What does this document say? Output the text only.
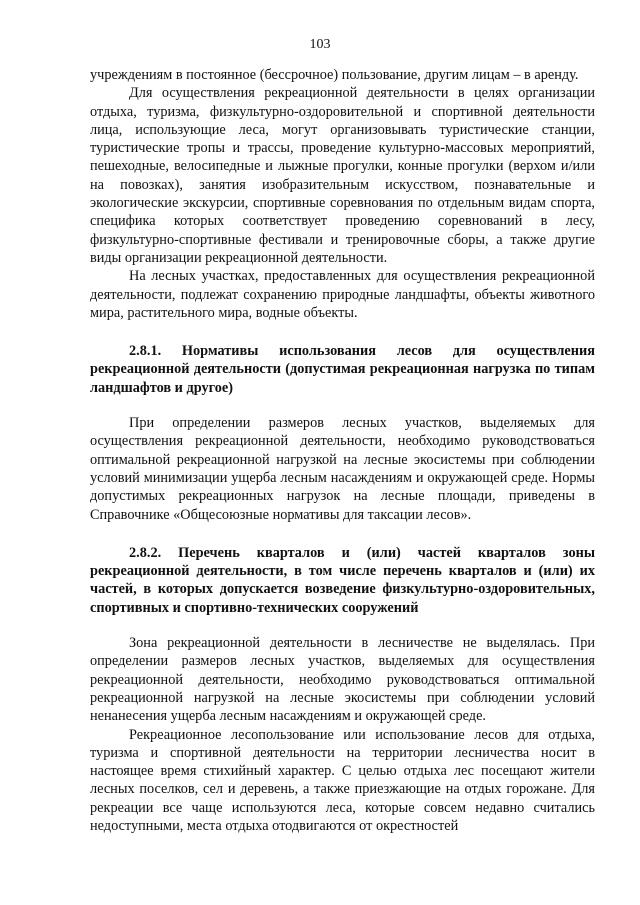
103

учреждениям в постоянное (бессрочное) пользование, другим лицам – в аренду.

Для осуществления рекреационной деятельности в целях организации отдыха, туризма, физкультурно-оздоровительной и спортивной деятельности лица, использующие леса, могут организовывать туристические станции, туристические тропы и трассы, проведение культурно-массовых мероприятий, пешеходные, велосипедные и лыжные прогулки, конные прогулки (верхом и/или на повозках), занятия изобразительным искусством, познавательные и экологические экскурсии, спортивные соревнования по отдельным видам спорта, специфика которых соответствует проведению соревнований в лесу, физкультурно-спортивные фестивали и тренировочные сборы, а также другие виды организации рекреационной деятельности.

На лесных участках, предоставленных для осуществления рекреационной деятельности, подлежат сохранению природные ландшафты, объекты животного мира, растительного мира, водные объекты.

2.8.1. Нормативы использования лесов для осуществления рекреационной деятельности (допустимая рекреационная нагрузка по типам ландшафтов и другое)

При определении размеров лесных участков, выделяемых для осуществления рекреационной деятельности, необходимо руководствоваться оптимальной рекреационной нагрузкой на лесные экосистемы при соблюдении условий минимизации ущерба лесным насаждениям и окружающей среде. Нормы допустимых рекреационных нагрузок на лесные площади, приведены в Справочнике «Общесоюзные нормативы для таксации лесов».

2.8.2. Перечень кварталов и (или) частей кварталов зоны рекреационной деятельности, в том числе перечень кварталов и (или) их частей, в которых допускается возведение физкультурно-оздоровительных, спортивных и спортивно-технических сооружений

Зона рекреационной деятельности в лесничестве не выделялась. При определении размеров лесных участков, выделяемых для осуществления рекреационной деятельности, необходимо руководствоваться оптимальной рекреационной нагрузкой на лесные экосистемы при соблюдении условий ненанесения ущерба лесным насаждениям и окружающей среде.

Рекреационное лесопользование или использование лесов для отдыха, туризма и спортивной деятельности на территории лесничества носит в настоящее время стихийный характер. С целью отдыха лес посещают жители лесных поселков, сел и деревень, а также приезжающие на отдых горожане. Для рекреации все чаще используются леса, которые совсем недавно считались недоступными, места отдыха отодвигаются от окрестностей
